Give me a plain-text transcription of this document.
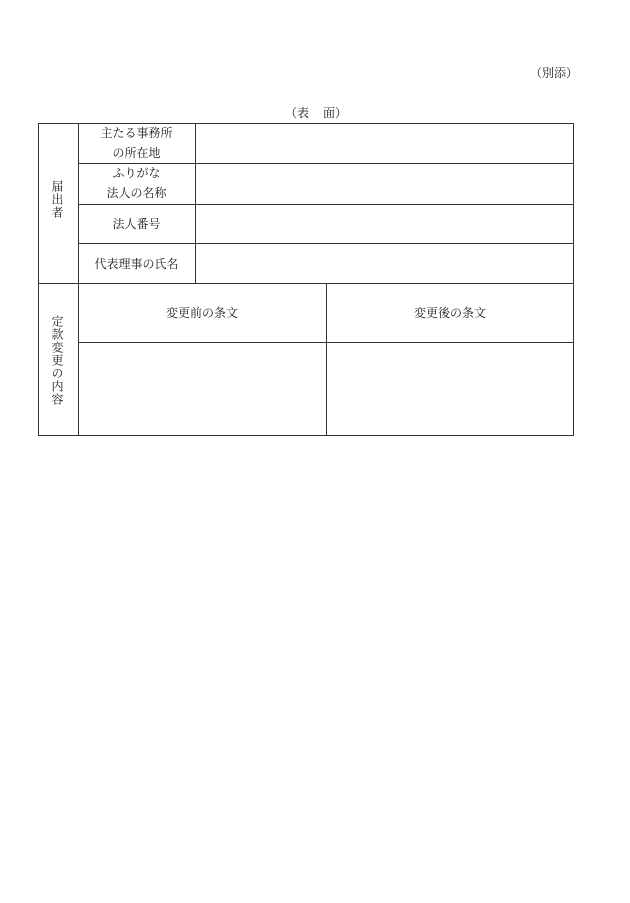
（別添）
（表 面）
届出者
定款変更の内容
主たる事務所
の所在地
ふりがな
法人の名称
法人番号
代表理事の氏名
変更前の条文	変更後の条文
